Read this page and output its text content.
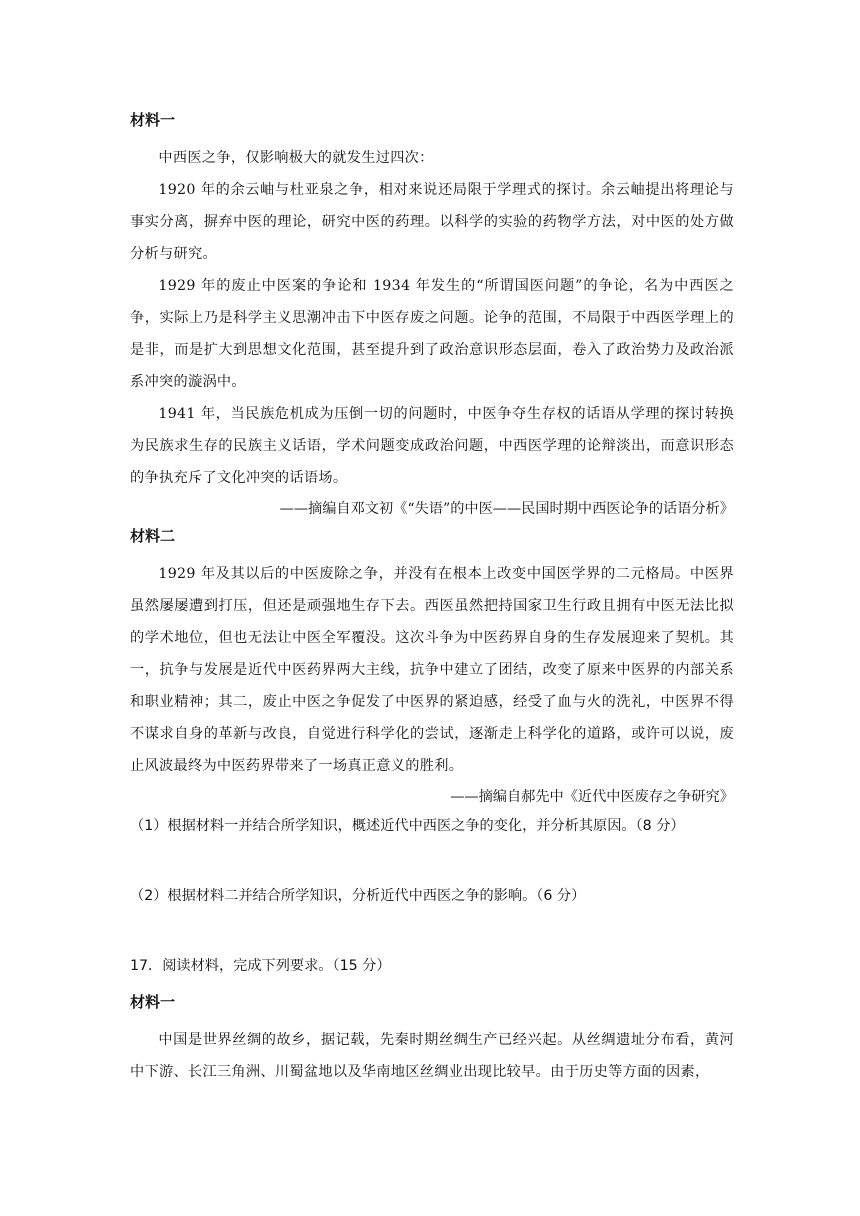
材料一

中西医之争，仅影响极大的就发生过四次：

1920 年的余云岫与杜亚泉之争，相对来说还局限于学理式的探讨。余云岫提出将理论与事实分离，摒弃中医的理论，研究中医的药理。以科学的实验的药物学方法，对中医的处方做分析与研究。

1929 年的废止中医案的争论和 1934 年发生的“所谓国医问题”的争论，名为中西医之争，实际上乃是科学主义思潮冲击下中医存废之问题。论争的范围，不局限于中西医学理上的是非，而是扩大到思想文化范围，甚至提升到了政治意识形态层面，卷入了政治势力及政治派系冲突的漩涡中。

1941 年，当民族危机成为压倒一切的问题时，中医争夺生存权的话语从学理的探讨转换为民族求生存的民族主义话语，学术问题变成政治问题，中西医学理的论辩淡出，而意识形态的争执充斥了文化冲突的话语场。

——摘编自邓文初《“失语”的中医——民国时期中西医论争的话语分析》

材料二

1929 年及其以后的中医废除之争，并没有在根本上改变中国医学界的二元格局。中医界虽然屡屡遭到打压，但还是顽强地生存下去。西医虽然把持国家卫生行政且拥有中医无法比拟的学术地位，但也无法让中医全军覆没。这次斗争为中医药界自身的生存发展迎来了契机。其一，抗争与发展是近代中医药界两大主线，抗争中建立了团结，改变了原来中医界的内部关系和职业精神；其二，废止中医之争促发了中医界的紧迫感，经受了血与火的洗礼，中医界不得不谋求自身的革新与改良，自觉进行科学化的尝试，逐渐走上科学化的道路，或许可以说，废止风波最终为中医药界带来了一场真正意义的胜利。

——摘编自郝先中《近代中医废存之争研究》

（1）根据材料一并结合所学知识，概述近代中西医之争的变化，并分析其原因。（8 分）

（2）根据材料二并结合所学知识，分析近代中西医之争的影响。（6 分）

17．阅读材料，完成下列要求。（15 分）

材料一

中国是世界丝绸的故乡，据记载，先秦时期丝绸生产已经兴起。从丝绸遗址分布看，黄河中下游、长江三角洲、川蜀盆地以及华南地区丝绸业出现比较早。由于历史等方面的因素，
